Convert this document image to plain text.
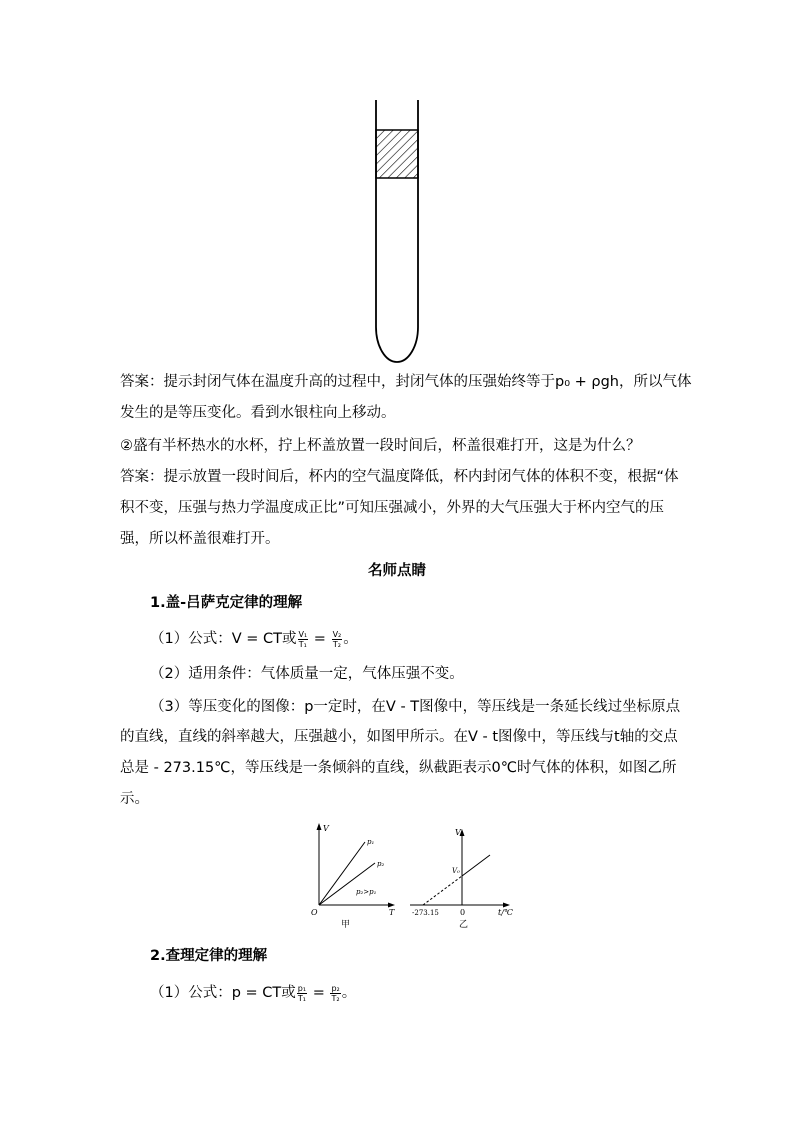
答案：提示封闭气体在温度升高的过程中，封闭气体的压强始终等于p₀ + ρgh，所以气体
发生的是等压变化。看到水银柱向上移动。
②盛有半杯热水的水杯，拧上杯盖放置一段时间后，杯盖很难打开，这是为什么？
答案：提示放置一段时间后，杯内的空气温度降低，杯内封闭气体的体积不变，根据“体
积不变，压强与热力学温度成正比”可知压强减小，外界的大气压强大于杯内空气的压
强，所以杯盖很难打开。
名师点睛
1.盖-吕萨克定律的理解
（1）公式：V = CT或 $\frac{\text{V₁}}{\text{T₁}} = \frac{\text{V₂}}{\text{T₂}}$ 。
（2）适用条件：气体质量一定，气体压强不变。
（3）等压变化的图像：p一定时，在V - T图像中，等压线是一条延长线过坐标原点
的直线，直线的斜率越大，压强越小，如图甲所示。在V - t图像中，等压线与t轴的交点
总是 - 273.15℃，等压线是一条倾斜的直线，纵截距表示0℃时气体的体积，如图乙所
示。
V
T
O
p₁
p₂
p₂>p₁
甲
V
V₀
0	t/℃
-273.15
乙
2.查理定律的理解
（1）公式：p = CT或 $\frac{\text{p₁}}{\text{T₁}} = \frac{\text{p₂}}{\text{T₂}}$ 。
